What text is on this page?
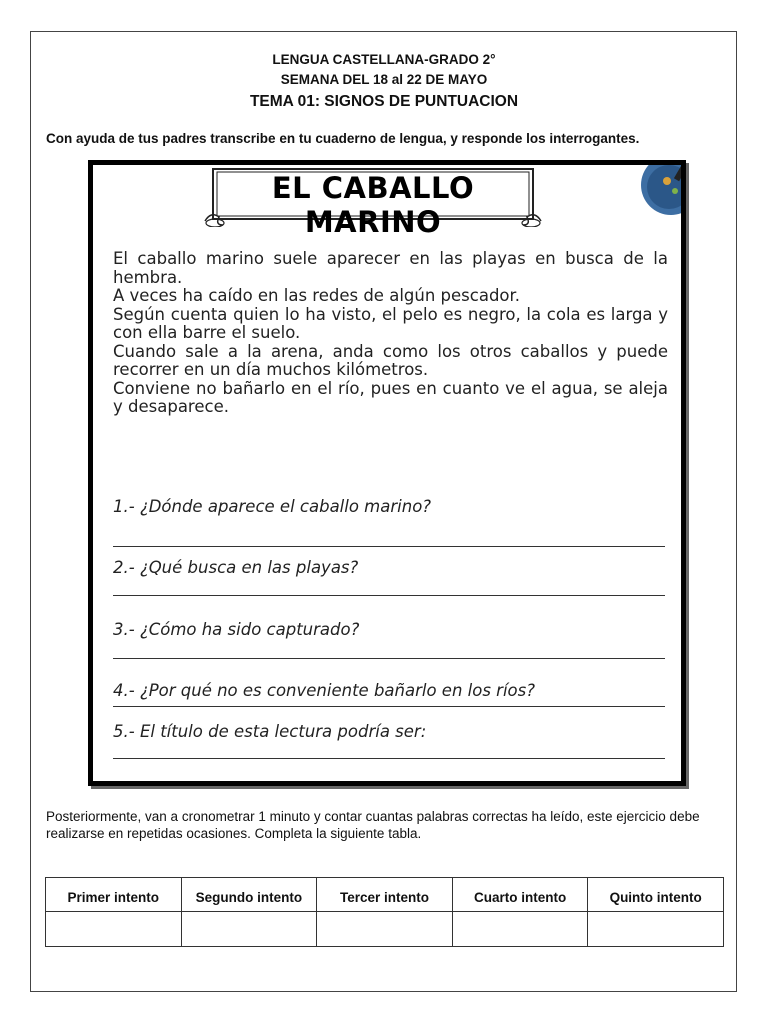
LENGUA CASTELLANA-GRADO 2°
SEMANA DEL 18 al 22 DE MAYO
TEMA 01: SIGNOS DE PUNTUACION
Con ayuda de tus padres transcribe en tu cuaderno de lengua, y responde los interrogantes.
EL CABALLO MARINO

El caballo marino suele aparecer en las playas en busca de la hembra.

A veces ha caído en las redes de algún pescador.

Según cuenta quien lo ha visto, el pelo es negro, la cola es larga y con ella barre el suelo.

Cuando sale a la arena, anda como los otros caballos y puede recorrer en un día muchos kilómetros.

Conviene no bañarlo en el río, pues en cuanto ve el agua, se aleja y desaparece.

1.- ¿Dónde aparece el caballo marino?
2.- ¿Qué busca en las playas?
3.- ¿Cómo ha sido capturado?
4.- ¿Por qué no es conveniente bañarlo en los ríos?
5.- El título de esta lectura podría ser:
Posteriormente, van a cronometrar 1 minuto y contar cuantas palabras correctas ha leído, este ejercicio debe realizarse en repetidas ocasiones. Completa la siguiente tabla.
Primer intento	Segundo intento	Tercer intento	Cuarto intento	Quinto intento
